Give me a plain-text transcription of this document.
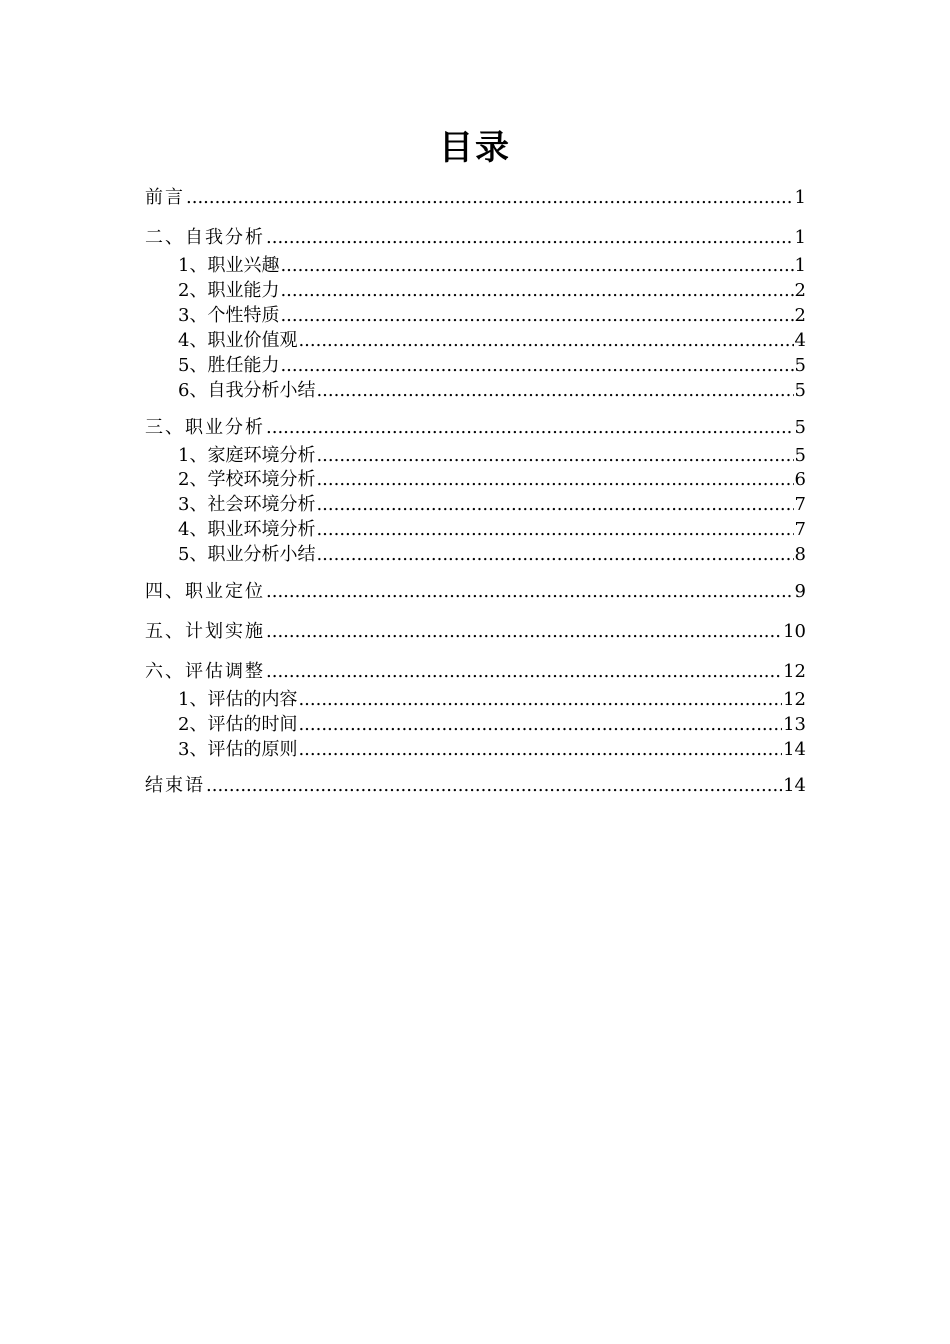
目录
前言 .....	1
二、自我分析 .....	1
1、职业兴趣 .....	1
2、职业能力 .....	2
3、个性特质 .....	2
4、职业价值观 .....	4
5、胜任能力 .....	5
6、自我分析小结 .....	5
三、职业分析 .....	5
1、家庭环境分析 .....	5
2、学校环境分析 .....	6
3、社会环境分析 .....	7
4、职业环境分析 .....	7
5、职业分析小结 .....	8
四、职业定位 .....	9
五、计划实施 .....	10
六、评估调整 .....	12
1、评估的内容 .....	12
2、评估的时间 .....	13
3、评估的原则 .....	14
结束语 .....	14
